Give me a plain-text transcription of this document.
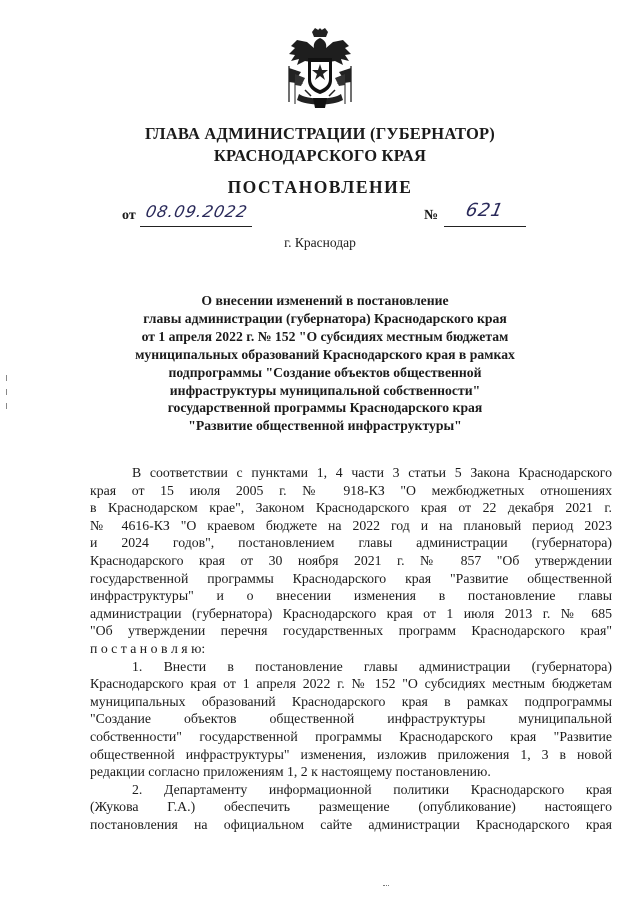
ГЛАВА АДМИНИСТРАЦИИ (ГУБЕРНАТОР)
КРАСНОДАРСКОГО КРАЯ
ПОСТАНОВЛЕНИЕ
от 08.09.2022	№ 621
г. Краснодар
О внесении изменений в постановление
главы администрации (губернатора) Краснодарского края
от 1 апреля 2022 г. № 152 "О субсидиях местным бюджетам
муниципальных образований Краснодарского края в рамках
подпрограммы "Создание объектов общественной
инфраструктуры муниципальной собственности"
государственной программы Краснодарского края
"Развитие общественной инфраструктуры"
В соответствии с пунктами 1, 4 части 3 статьи 5 Закона Краснодарского
края от 15 июля 2005 г. № 918-КЗ "О межбюджетных отношениях
в Краснодарском крае", Законом Краснодарского края от 22 декабря 2021 г.
№ 4616-КЗ "О краевом бюджете на 2022 год и на плановый период 2023
и 2024 годов", постановлением главы администрации (губернатора)
Краснодарского края от 30 ноября 2021 г. № 857 "Об утверждении
государственной программы Краснодарского края "Развитие общественной
инфраструктуры" и о внесении изменения в постановление главы
администрации (губернатора) Краснодарского края от 1 июля 2013 г. № 685
"Об утверждении перечня государственных программ Краснодарского края"
п о с т а н о в л я ю:
1. Внести в постановление главы администрации (губернатора)
Краснодарского края от 1 апреля 2022 г. № 152 "О субсидиях местным бюджетам
муниципальных образований Краснодарского края в рамках подпрограммы
"Создание объектов общественной инфраструктуры муниципальной
собственности" государственной программы Краснодарского края "Развитие
общественной инфраструктуры" изменения, изложив приложения 1, 3 в новой
редакции согласно приложениям 1, 2 к настоящему постановлению.
2. Департаменту информационной политики Краснодарского края
(Жукова Г.А.) обеспечить размещение (опубликование) настоящего
постановления на официальном сайте администрации Краснодарского края
